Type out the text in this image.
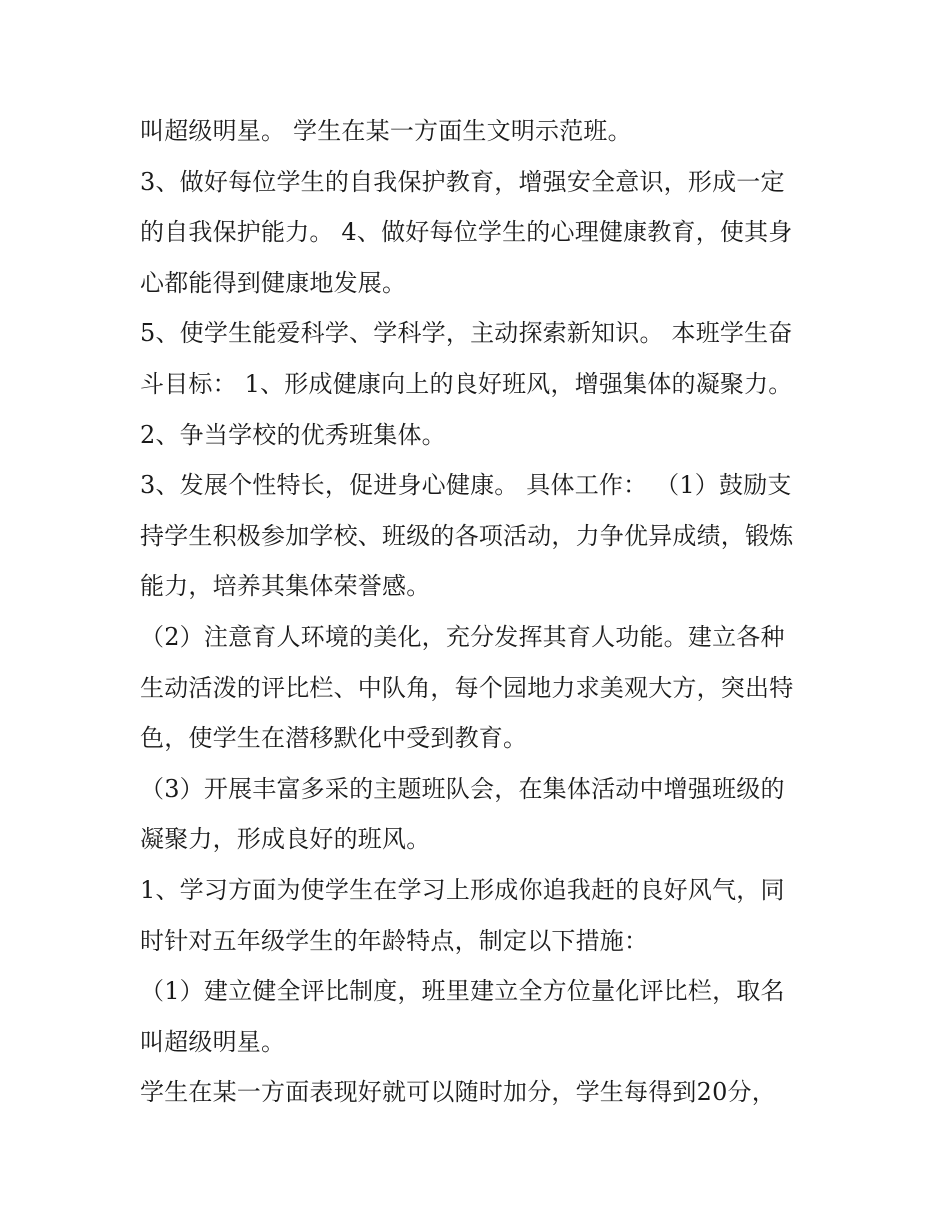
叫超级明星。 学生在某一方面生文明示范班。

3、做好每位学生的自我保护教育，增强安全意识，形成一定

的自我保护能力。 4、做好每位学生的心理健康教育，使其身

心都能得到健康地发展。

5、使学生能爱科学、学科学，主动探索新知识。 本班学生奋

斗目标： 1、形成健康向上的良好班风，增强集体的凝聚力。

2、争当学校的优秀班集体。

3、发展个性特长，促进身心健康。 具体工作： （1）鼓励支

持学生积极参加学校、班级的各项活动，力争优异成绩，锻炼

能力，培养其集体荣誉感。

（2）注意育人环境的美化，充分发挥其育人功能。建立各种

生动活泼的评比栏、中队角，每个园地力求美观大方，突出特

色，使学生在潜移默化中受到教育。

（3）开展丰富多采的主题班队会，在集体活动中增强班级的

凝聚力，形成良好的班风。

1、学习方面为使学生在学习上形成你追我赶的良好风气，同

时针对五年级学生的年龄特点，制定以下措施：

（1）建立健全评比制度，班里建立全方位量化评比栏，取名

叫超级明星。

学生在某一方面表现好就可以随时加分，学生每得到20分，
